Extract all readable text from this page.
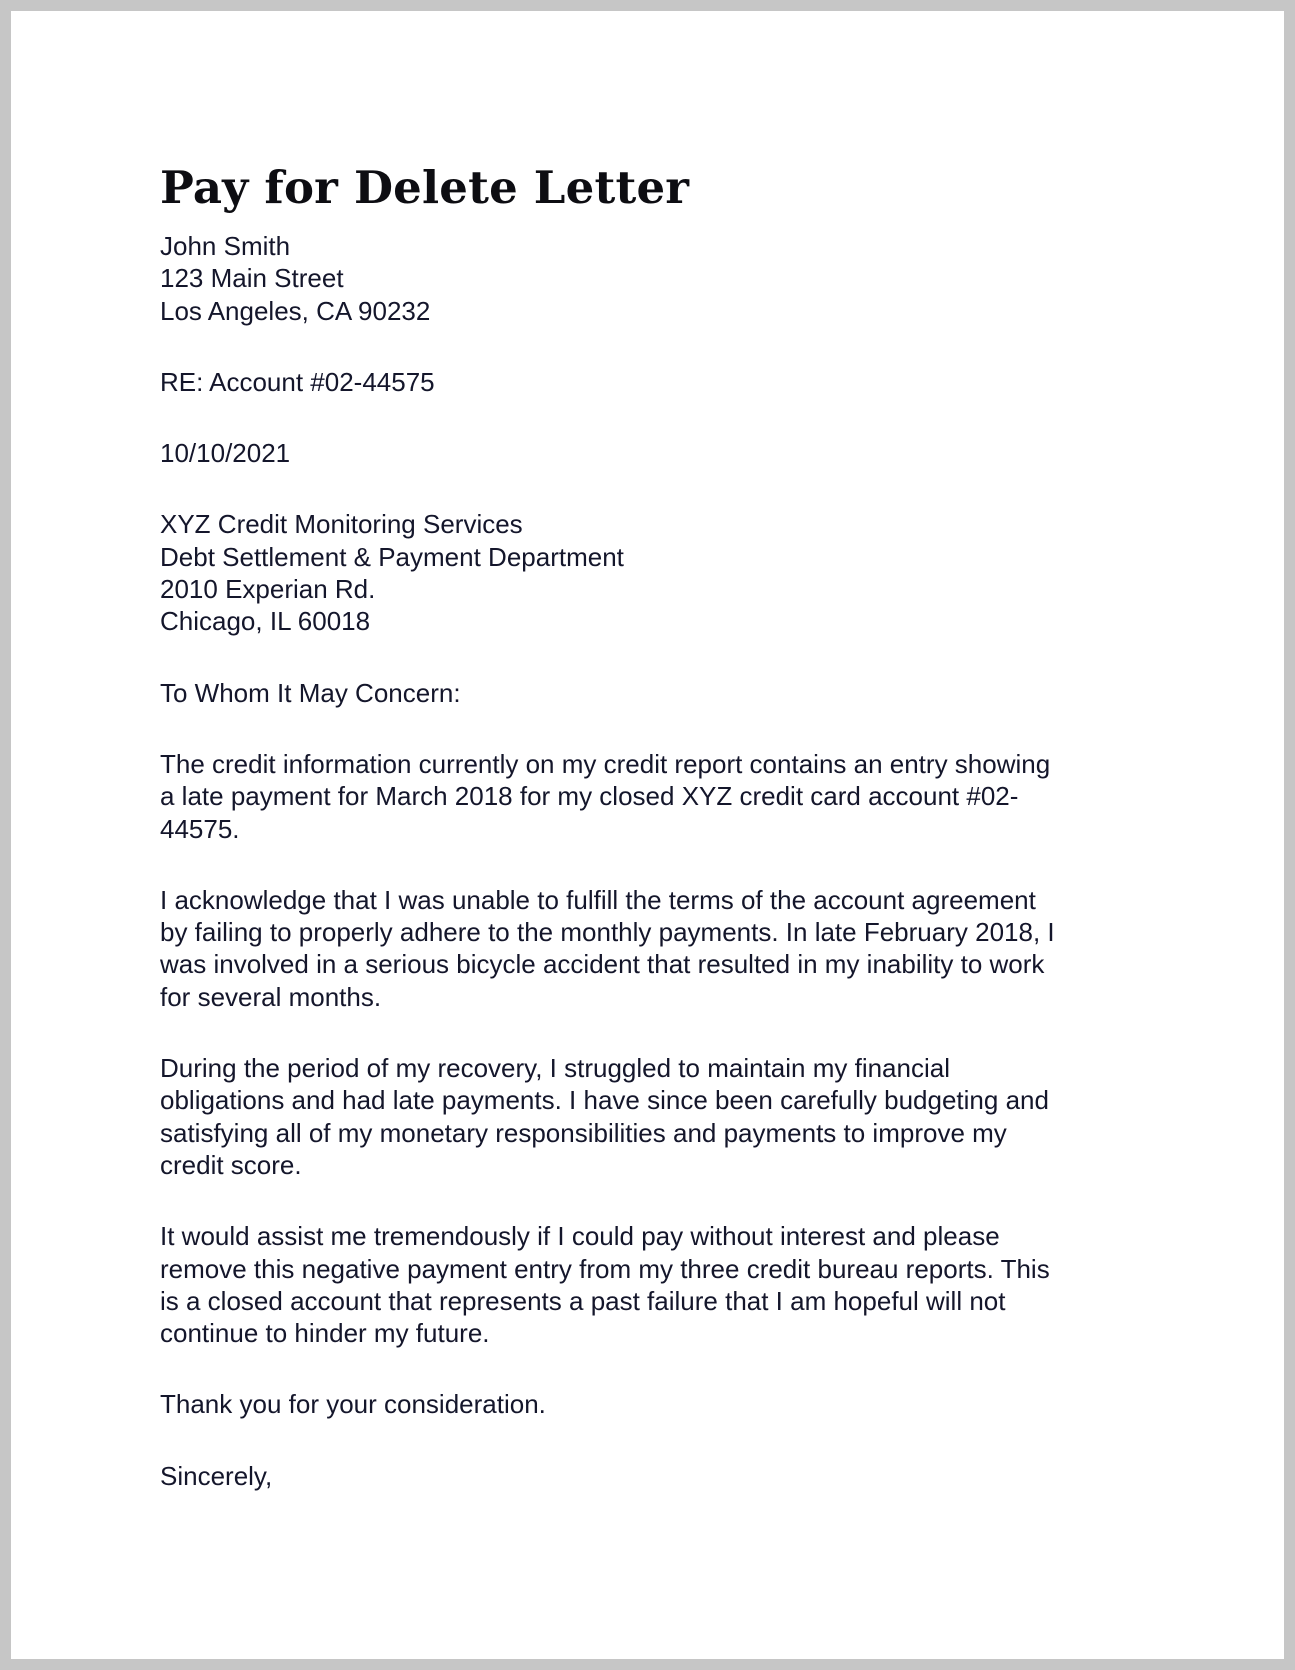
Pay for Delete Letter
John Smith
123 Main Street
Los Angeles, CA 90232
RE: Account #02-44575
10/10/2021
XYZ Credit Monitoring Services
Debt Settlement & Payment Department
2010 Experian Rd.
Chicago, IL 60018
To Whom It May Concern:
The credit information currently on my credit report contains an entry showing
a late payment for March 2018 for my closed XYZ credit card account #02-
44575.
I acknowledge that I was unable to fulfill the terms of the account agreement
by failing to properly adhere to the monthly payments. In late February 2018, I
was involved in a serious bicycle accident that resulted in my inability to work
for several months.
During the period of my recovery, I struggled to maintain my financial
obligations and had late payments. I have since been carefully budgeting and
satisfying all of my monetary responsibilities and payments to improve my
credit score.
It would assist me tremendously if I could pay without interest and please
remove this negative payment entry from my three credit bureau reports. This
is a closed account that represents a past failure that I am hopeful will not
continue to hinder my future.
Thank you for your consideration.
Sincerely,
